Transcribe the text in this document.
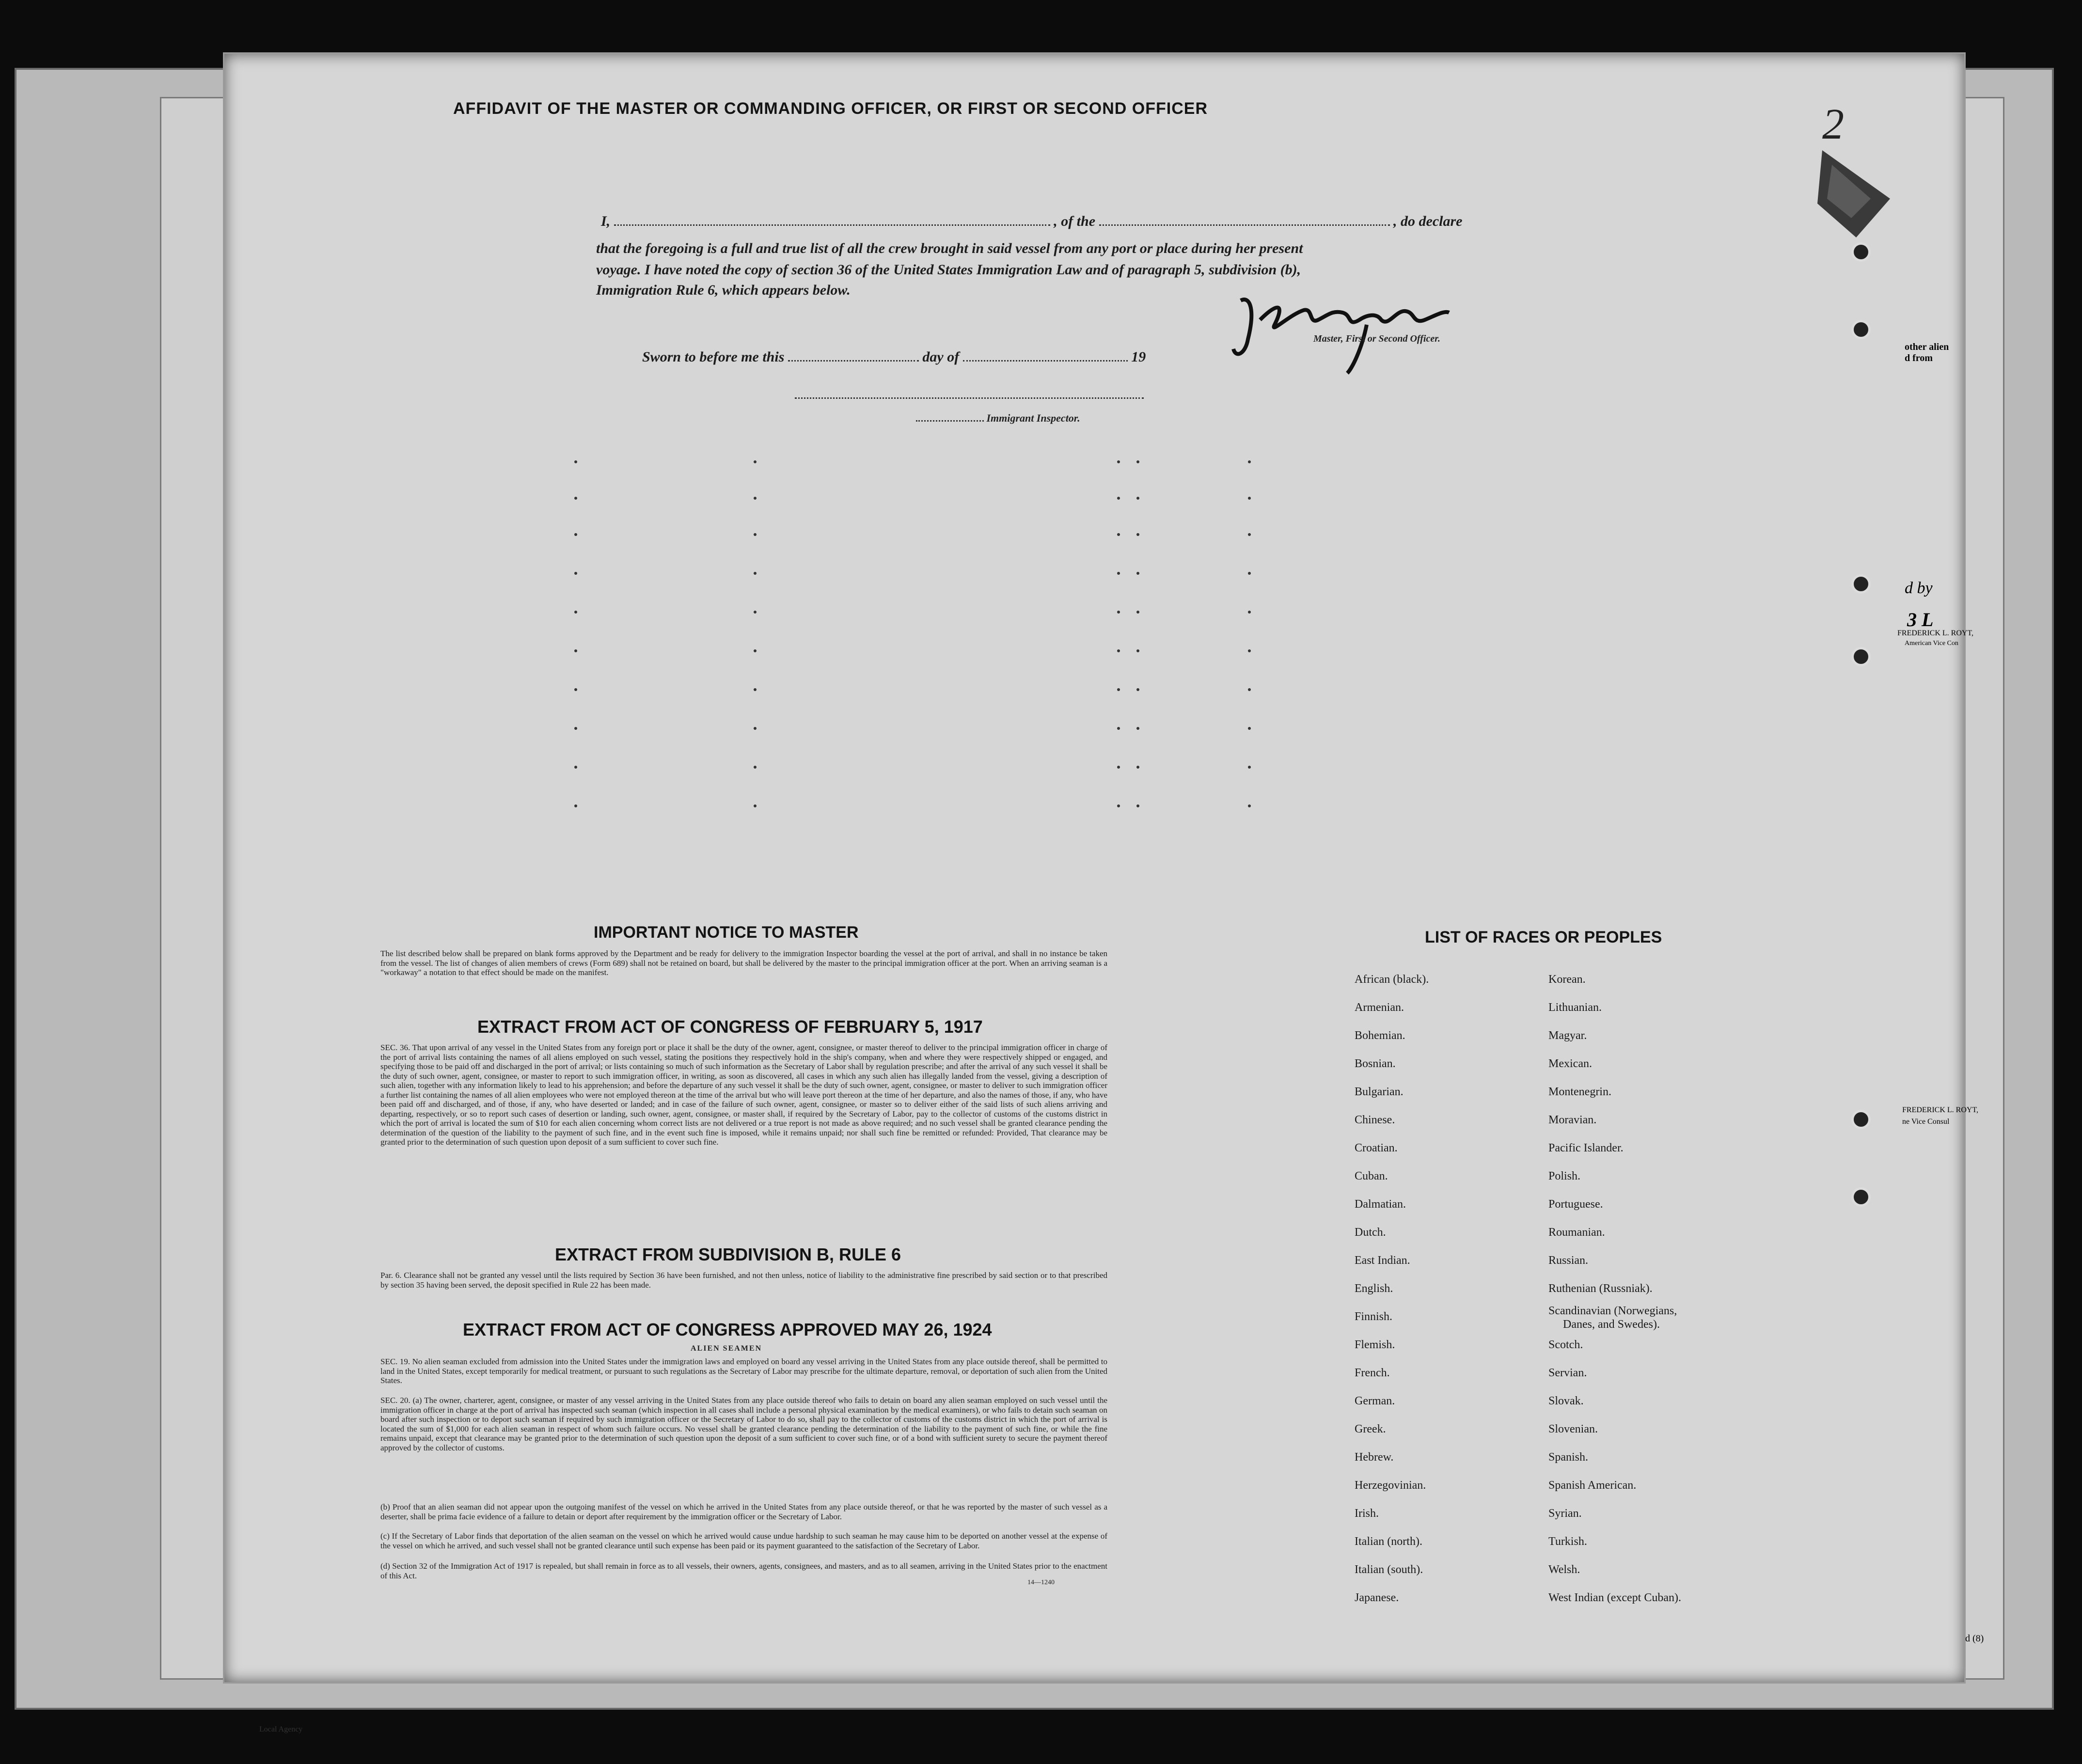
2
AFFIDAVIT OF THE MASTER OR COMMANDING OFFICER, OR FIRST OR SECOND OFFICER
I,	, of the	, do declare
that the foregoing is a full and true list of all the crew brought in said vessel from any port or place during her present
voyage. I have noted the copy of section 36 of the United States Immigration Law and of paragraph 5, subdivision (b),
Immigration Rule 6, which appears below.
Master, First or Second Officer.
Sworn to before me this	day of	19
Immigrant Inspector.
IMPORTANT NOTICE TO MASTER
The list described below shall be prepared on blank forms approved by the Department and be ready for delivery to the immigration Inspector boarding the vessel at the port of arrival, and shall in no instance be taken from the vessel. The list of changes of alien members of crews (Form 689) shall not be retained on board, but shall be delivered by the master to the principal immigration officer at the port. When an arriving seaman is a "workaway" a notation to that effect should be made on the manifest.
EXTRACT FROM ACT OF CONGRESS OF FEBRUARY 5, 1917
SEC. 36. That upon arrival of any vessel in the United States from any foreign port or place it shall be the duty of the owner, agent, consignee, or master thereof to deliver to the principal immigration officer in charge of the port of arrival lists containing the names of all aliens employed on such vessel, stating the positions they respectively hold in the ship's company, when and where they were respectively shipped or engaged, and specifying those to be paid off and discharged in the port of arrival; or lists containing so much of such information as the Secretary of Labor shall by regulation prescribe; and after the arrival of any such vessel it shall be the duty of such owner, agent, consignee, or master to report to such immigration officer, in writing, as soon as discovered, all cases in which any such alien has illegally landed from the vessel, giving a description of such alien, together with any information likely to lead to his apprehension; and before the departure of any such vessel it shall be the duty of such owner, agent, consignee, or master to deliver to such immigration officer a further list containing the names of all alien employees who were not employed thereon at the time of the arrival but who will leave port thereon at the time of her departure, and also the names of those, if any, who have been paid off and discharged, and of those, if any, who have deserted or landed; and in case of the failure of such owner, agent, consignee, or master so to deliver either of the said lists of such aliens arriving and departing, respectively, or so to report such cases of desertion or landing, such owner, agent, consignee, or master shall, if required by the Secretary of Labor, pay to the collector of customs of the customs district in which the port of arrival is located the sum of $10 for each alien concerning whom correct lists are not delivered or a true report is not made as above required; and no such vessel shall be granted clearance pending the determination of the question of the liability to the payment of such fine, and in the event such fine is imposed, while it remains unpaid; nor shall such fine be remitted or refunded: Provided, That clearance may be granted prior to the determination of such question upon deposit of a sum sufficient to cover such fine.
EXTRACT FROM SUBDIVISION B, RULE 6
Par. 6. Clearance shall not be granted any vessel until the lists required by Section 36 have been furnished, and not then unless, notice of liability to the administrative fine prescribed by said section or to that prescribed by section 35 having been served, the deposit specified in Rule 22 has been made.
EXTRACT FROM ACT OF CONGRESS APPROVED MAY 26, 1924
ALIEN SEAMEN
SEC. 19. No alien seaman excluded from admission into the United States under the immigration laws and employed on board any vessel arriving in the United States from any place outside thereof, shall be permitted to land in the United States, except temporarily for medical treatment, or pursuant to such regulations as the Secretary of Labor may prescribe for the ultimate departure, removal, or deportation of such alien from the United States.
SEC. 20. (a) The owner, charterer, agent, consignee, or master of any vessel arriving in the United States from any place outside thereof who fails to detain on board any alien seaman employed on such vessel until the immigration officer in charge at the port of arrival has inspected such seaman (which inspection in all cases shall include a personal physical examination by the medical examiners), or who fails to detain such seaman on board after such inspection or to deport such seaman if required by such immigration officer or the Secretary of Labor to do so, shall pay to the collector of customs of the customs district in which the port of arrival is located the sum of $1,000 for each alien seaman in respect of whom such failure occurs. No vessel shall be granted clearance pending the determination of the liability to the payment of such fine, or while the fine remains unpaid, except that clearance may be granted prior to the determination of such question upon the deposit of a sum sufficient to cover such fine, or of a bond with sufficient surety to secure the payment thereof approved by the collector of customs.
(b) Proof that an alien seaman did not appear upon the outgoing manifest of the vessel on which he arrived in the United States from any place outside thereof, or that he was reported by the master of such vessel as a deserter, shall be prima facie evidence of a failure to detain or deport after requirement by the immigration officer or the Secretary of Labor.
(c) If the Secretary of Labor finds that deportation of the alien seaman on the vessel on which he arrived would cause undue hardship to such seaman he may cause him to be deported on another vessel at the expense of the vessel on which he arrived, and such vessel shall not be granted clearance until such expense has been paid or its payment guaranteed to the satisfaction of the Secretary of Labor.
(d) Section 32 of the Immigration Act of 1917 is repealed, but shall remain in force as to all vessels, their owners, agents, consignees, and masters, and as to all seamen, arriving in the United States prior to the enactment of this Act.
14—1240
LIST OF RACES OR PEOPLES
African (black).
Armenian.
Bohemian.
Bosnian.
Bulgarian.
Chinese.
Croatian.
Cuban.
Dalmatian.
Dutch.
East Indian.
English.
Finnish.
Flemish.
French.
German.
Greek.
Hebrew.
Herzegovinian.
Irish.
Italian (north).
Italian (south).
Japanese.
Korean.
Lithuanian.
Magyar.
Mexican.
Montenegrin.
Moravian.
Pacific Islander.
Polish.
Portuguese.
Roumanian.
Russian.
Ruthenian (Russniak).
Scandinavian (Norwegians,
Danes, and Swedes).
Scotch.
Servian.
Slovak.
Slovenian.
Spanish.
Spanish American.
Syrian.
Turkish.
Welsh.
West Indian (except Cuban).
other alien
d from
d by
3 L
FREDERICK L. ROYT,
American Vice Con
FREDERICK L. ROYT,
ne Vice Consul
d (8)
Local Agency
